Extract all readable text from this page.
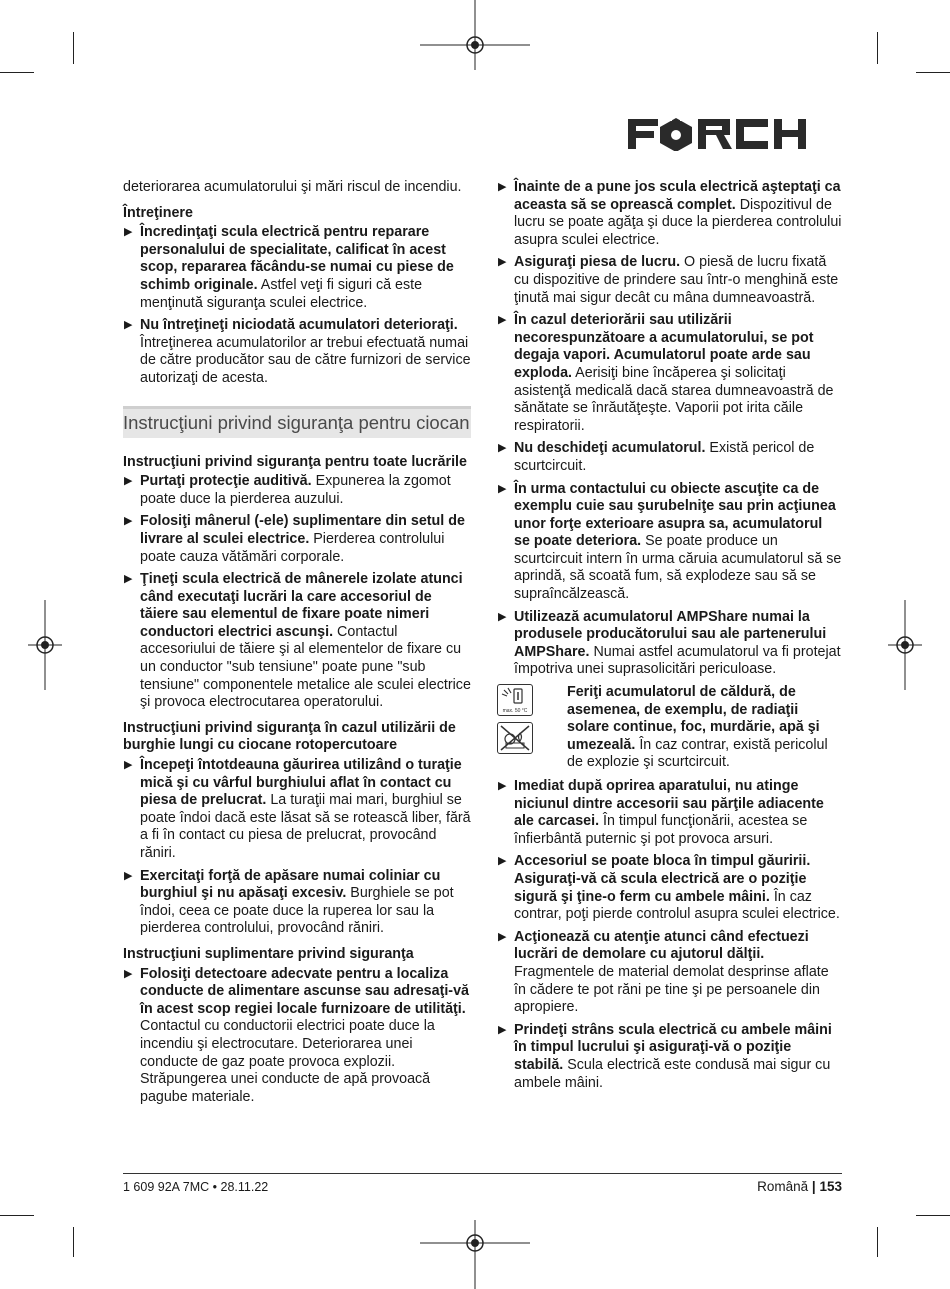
FÖRCH

deteriorarea acumulatorului şi mări riscul de incendiu.

Întreţinere

▶ Încredinţaţi scula electrică pentru reparare personalului de specialitate, calificat în acest scop, repararea făcându-se numai cu piese de schimb originale. Astfel veţi fi siguri că este menţinută siguranţa sculei electrice.
▶ Nu întreţineţi niciodată acumulatori deterioraţi. Întreţinerea acumulatorilor ar trebui efectuată numai de către producător sau de către furnizori de service autorizaţi de acesta.
Instrucţiuni privind siguranţa pentru ciocan

Instrucţiuni privind siguranţa pentru toate lucrările

▶ Purtaţi protecţie auditivă. Expunerea la zgomot poate duce la pierderea auzului.
▶ Folosiţi mânerul (-ele) suplimentare din setul de livrare al sculei electrice. Pierderea controlului poate cauza vătămări corporale.
▶ Ţineţi scula electrică de mânerele izolate atunci când executaţi lucrări la care accesoriul de tăiere sau elementul de fixare poate nimeri conductori electrici ascunşi. Contactul accesoriului de tăiere şi al elementelor de fixare cu un conductor "sub tensiune" poate pune "sub tensiune" componentele metalice ale sculei electrice şi provoca electrocutarea operatorului.

Instrucţiuni privind siguranţa în cazul utilizării de burghie lungi cu ciocane rotopercutoare

▶ Începeţi întotdeauna găurirea utilizând o turaţie mică şi cu vârful burghiului aflat în contact cu piesa de prelucrat. La turaţii mai mari, burghiul se poate îndoi dacă este lăsat să se rotească liber, fără a fi în contact cu piesa de prelucrat, provocând răniri.
▶ Exercitaţi forţă de apăsare numai coliniar cu burghiul şi nu apăsaţi excesiv. Burghiele se pot îndoi, ceea ce poate duce la ruperea lor sau la pierderea controlului, provocând răniri.

Instrucţiuni suplimentare privind siguranţa

▶ Folosiţi detectoare adecvate pentru a localiza conducte de alimentare ascunse sau adresaţi-vă în acest scop regiei locale furnizoare de utilităţi. Contactul cu conductorii electrici poate duce la incendiu şi electrocutare. Deteriorarea unei conducte de gaz poate provoca explozii. Străpungerea unei conducte de apă provoacă pagube materiale.
▶ Înainte de a pune jos scula electrică aşteptaţi ca aceasta să se oprească complet. Dispozitivul de lucru se poate agăţa şi duce la pierderea controlului asupra sculei electrice.
▶ Asiguraţi piesa de lucru. O piesă de lucru fixată cu dispozitive de prindere sau într-o menghină este ţinută mai sigur decât cu mâna dumneavoastră.
▶ În cazul deteriorării sau utilizării necorespunzătoare a acumulatorului, se pot degaja vapori. Acumulatorul poate arde sau exploda. Aerisiţi bine încăperea şi solicitaţi asistenţă medicală dacă starea dumneavoastră de sănătate se înrăutăţeşte. Vaporii pot irita căile respiratorii.
▶ Nu deschideţi acumulatorul. Există pericol de scurtcircuit.
▶ În urma contactului cu obiecte ascuţite ca de exemplu cuie sau şurubelniţe sau prin acţiunea unor forţe exterioare asupra sa, acumulatorul se poate deteriora. Se poate produce un scurtcircuit intern în urma căruia acumulatorul să se aprindă, să scoată fum, să explodeze sau să se supraîncălzească.
▶ Utilizează acumulatorul AMPShare numai la produsele producătorului sau ale partenerului AMPShare. Numai astfel acumulatorul va fi protejat împotriva unei suprasolicitări periculoase.
max. 50 °C
Feriţi acumulatorul de căldură, de asemenea, de exemplu, de radiaţii solare continue, foc, murdărie, apă şi umezeală. În caz contrar, există pericolul de explozie şi scurtcircuit.
▶ Imediat după oprirea aparatului, nu atinge niciunul dintre accesorii sau părţile adiacente ale carcasei. În timpul funcţionării, acestea se înfierbântă puternic şi pot provoca arsuri.
▶ Accesoriul se poate bloca în timpul găuririi. Asiguraţi-vă că scula electrică are o poziţie sigură şi ţine-o ferm cu ambele mâini. În caz contrar, poţi pierde controlul asupra sculei electrice.
▶ Acţionează cu atenţie atunci când efectuezi lucrări de demolare cu ajutorul dălţii. Fragmentele de material demolat desprinse aflate în cădere te pot răni pe tine şi pe persoanele din apropiere.
▶ Prindeţi strâns scula electrică cu ambele mâini în timpul lucrului şi asiguraţi-vă o poziţie stabilă. Scula electrică este condusă mai sigur cu ambele mâini.
1 609 92A 7MC • 28.11.22	Română | 153
